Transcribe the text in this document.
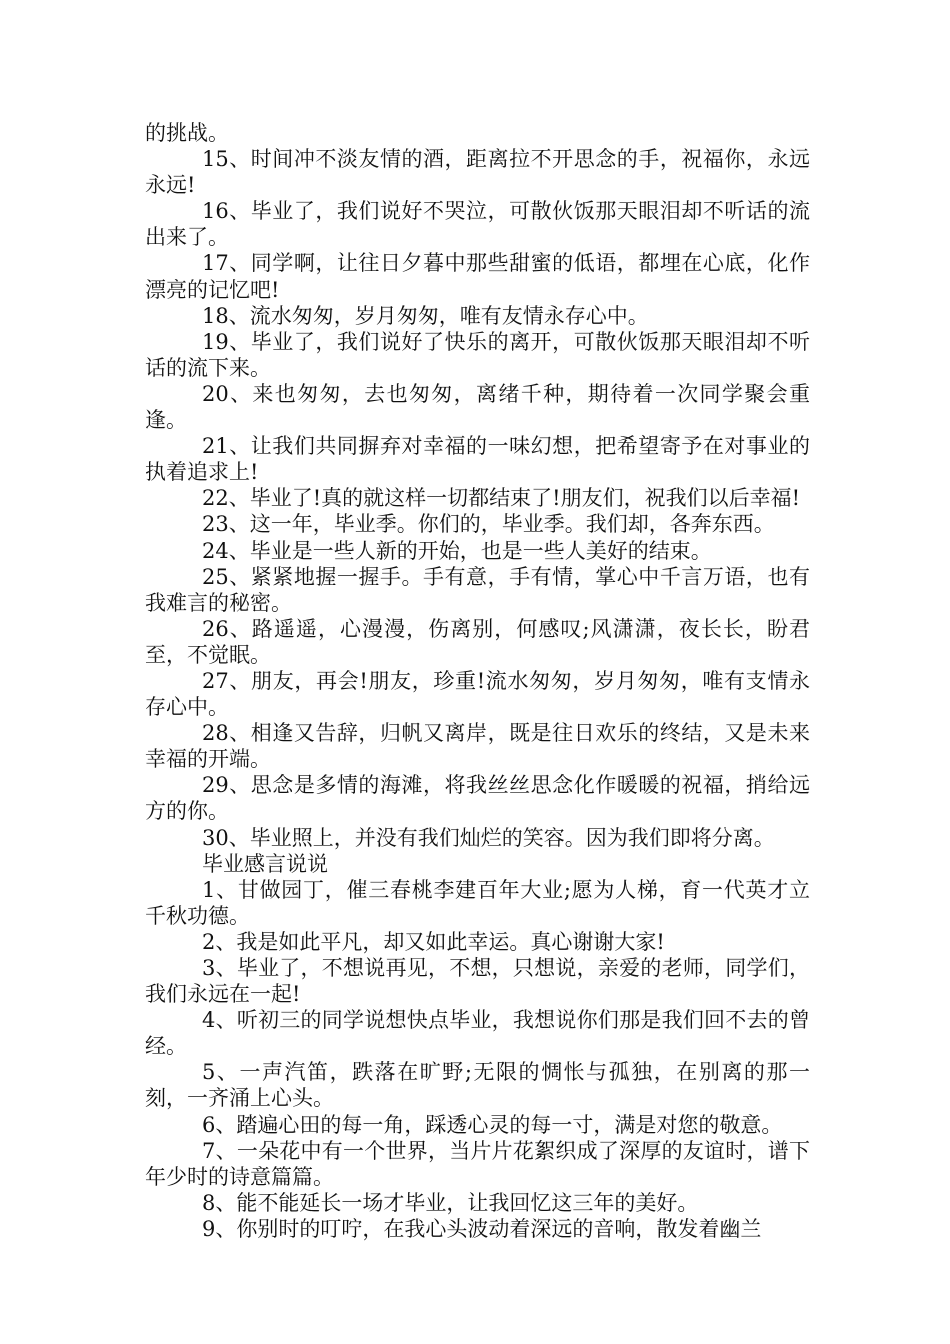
的挑战。

15、时间冲不淡友情的酒，距离拉不开思念的手，祝福你，永远永远!

16、毕业了，我们说好不哭泣，可散伙饭那天眼泪却不听话的流出来了。

17、同学啊，让往日夕暮中那些甜蜜的低语，都埋在心底，化作漂亮的记忆吧!

18、流水匆匆，岁月匆匆，唯有友情永存心中。

19、毕业了，我们说好了快乐的离开，可散伙饭那天眼泪却不听话的流下来。

20、来也匆匆，去也匆匆，离绪千种，期待着一次同学聚会重逢。

21、让我们共同摒弃对幸福的一味幻想，把希望寄予在对事业的执着追求上!

22、毕业了!真的就这样一切都结束了!朋友们，祝我们以后幸福!

23、这一年，毕业季。你们的，毕业季。我们却，各奔东西。

24、毕业是一些人新的开始，也是一些人美好的结束。

25、紧紧地握一握手。手有意，手有情，掌心中千言万语，也有我难言的秘密。

26、路遥遥，心漫漫，伤离别，何感叹;风潇潇，夜长长，盼君至，不觉眠。

27、朋友，再会!朋友，珍重!流水匆匆，岁月匆匆，唯有支情永存心中。

28、相逢又告辞，归帆又离岸，既是往日欢乐的终结，又是未来幸福的开端。

29、思念是多情的海滩，将我丝丝思念化作暖暖的祝福，捎给远方的你。

30、毕业照上，并没有我们灿烂的笑容。因为我们即将分离。

毕业感言说说

1、甘做园丁，催三春桃李建百年大业;愿为人梯，育一代英才立千秋功德。

2、我是如此平凡，却又如此幸运。真心谢谢大家!

3、毕业了，不想说再见，不想，只想说，亲爱的老师，同学们，我们永远在一起!

4、听初三的同学说想快点毕业，我想说你们那是我们回不去的曾经。

5、一声汽笛，跌落在旷野;无限的惆怅与孤独，在别离的那一刻，一齐涌上心头。

6、踏遍心田的每一角，踩透心灵的每一寸，满是对您的敬意。

7、一朵花中有一个世界，当片片花絮织成了深厚的友谊时，谱下年少时的诗意篇篇。

8、能不能延长一场才毕业，让我回忆这三年的美好。

9、你别时的叮咛，在我心头波动着深远的音响，散发着幽兰
